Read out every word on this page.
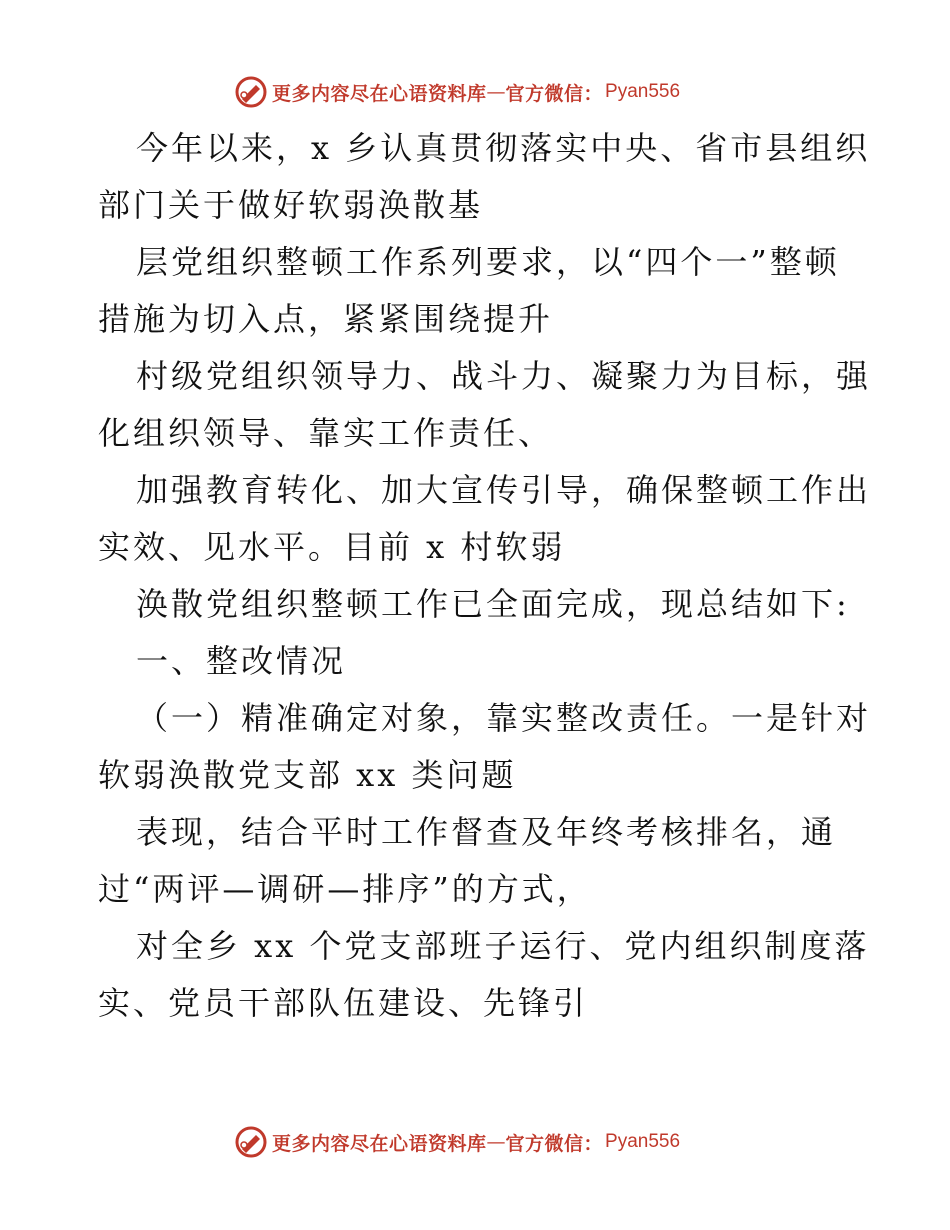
更多内容尽在心语资料库 — 官方微信： Pyan556
今年以来，x 乡认真贯彻落实中央、省市县组织
部门关于做好软弱涣散基
层党组织整顿工作系列要求，以“四个一”整顿
措施为切入点，紧紧围绕提升
村级党组织领导力、战斗力、凝聚力为目标，强
化组织领导、靠实工作责任、
加强教育转化、加大宣传引导，确保整顿工作出
实效、见水平。目前 x 村软弱
涣散党组织整顿工作已全面完成，现总结如下:
一、整改情况
（一）精准确定对象，靠实整改责任。一是针对
软弱涣散党支部 xx 类问题
表现，结合平时工作督查及年终考核排名，通
过“两评—调研—排序”的方式，
对全乡 xx 个党支部班子运行、党内组织制度落
实、党员干部队伍建设、先锋引
更多内容尽在心语资料库 — 官方微信： Pyan556
